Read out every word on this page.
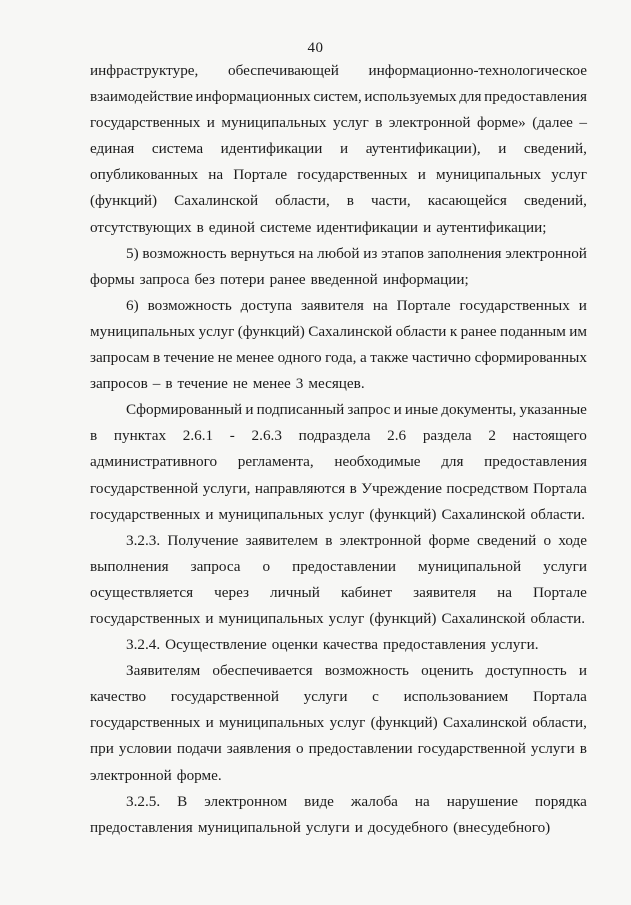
40
инфраструктуре, обеспечивающей информационно-технологическое
взаимодействие информационных систем, используемых для предоставления
государственных и муниципальных услуг в электронной форме» (далее –
единая система идентификации и аутентификации), и сведений,
опубликованных на Портале государственных и муниципальных услуг
(функций) Сахалинской области, в части, касающейся сведений,
отсутствующих в единой системе идентификации и аутентификации;
5) возможность вернуться на любой из этапов заполнения электронной
формы запроса без потери ранее введенной информации;
6) возможность доступа заявителя на Портале государственных и
муниципальных услуг (функций) Сахалинской области к ранее поданным им
запросам в течение не менее одного года, а также частично сформированных
запросов – в течение не менее 3 месяцев.
Сформированный и подписанный запрос и иные документы, указанные
в пунктах 2.6.1 - 2.6.3 подраздела 2.6 раздела 2 настоящего
административного регламента, необходимые для предоставления
государственной услуги, направляются в Учреждение посредством Портала
государственных и муниципальных услуг (функций) Сахалинской области.
3.2.3. Получение заявителем в электронной форме сведений о ходе
выполнения запроса о предоставлении муниципальной услуги
осуществляется через личный кабинет заявителя на Портале
государственных и муниципальных услуг (функций) Сахалинской области.
3.2.4. Осуществление оценки качества предоставления услуги.
Заявителям обеспечивается возможность оценить доступность и
качество государственной услуги с использованием Портала
государственных и муниципальных услуг (функций) Сахалинской области,
при условии подачи заявления о предоставлении государственной услуги в
электронной форме.
3.2.5. В электронном виде жалоба на нарушение порядка
предоставления муниципальной услуги и досудебного (внесудебного)
